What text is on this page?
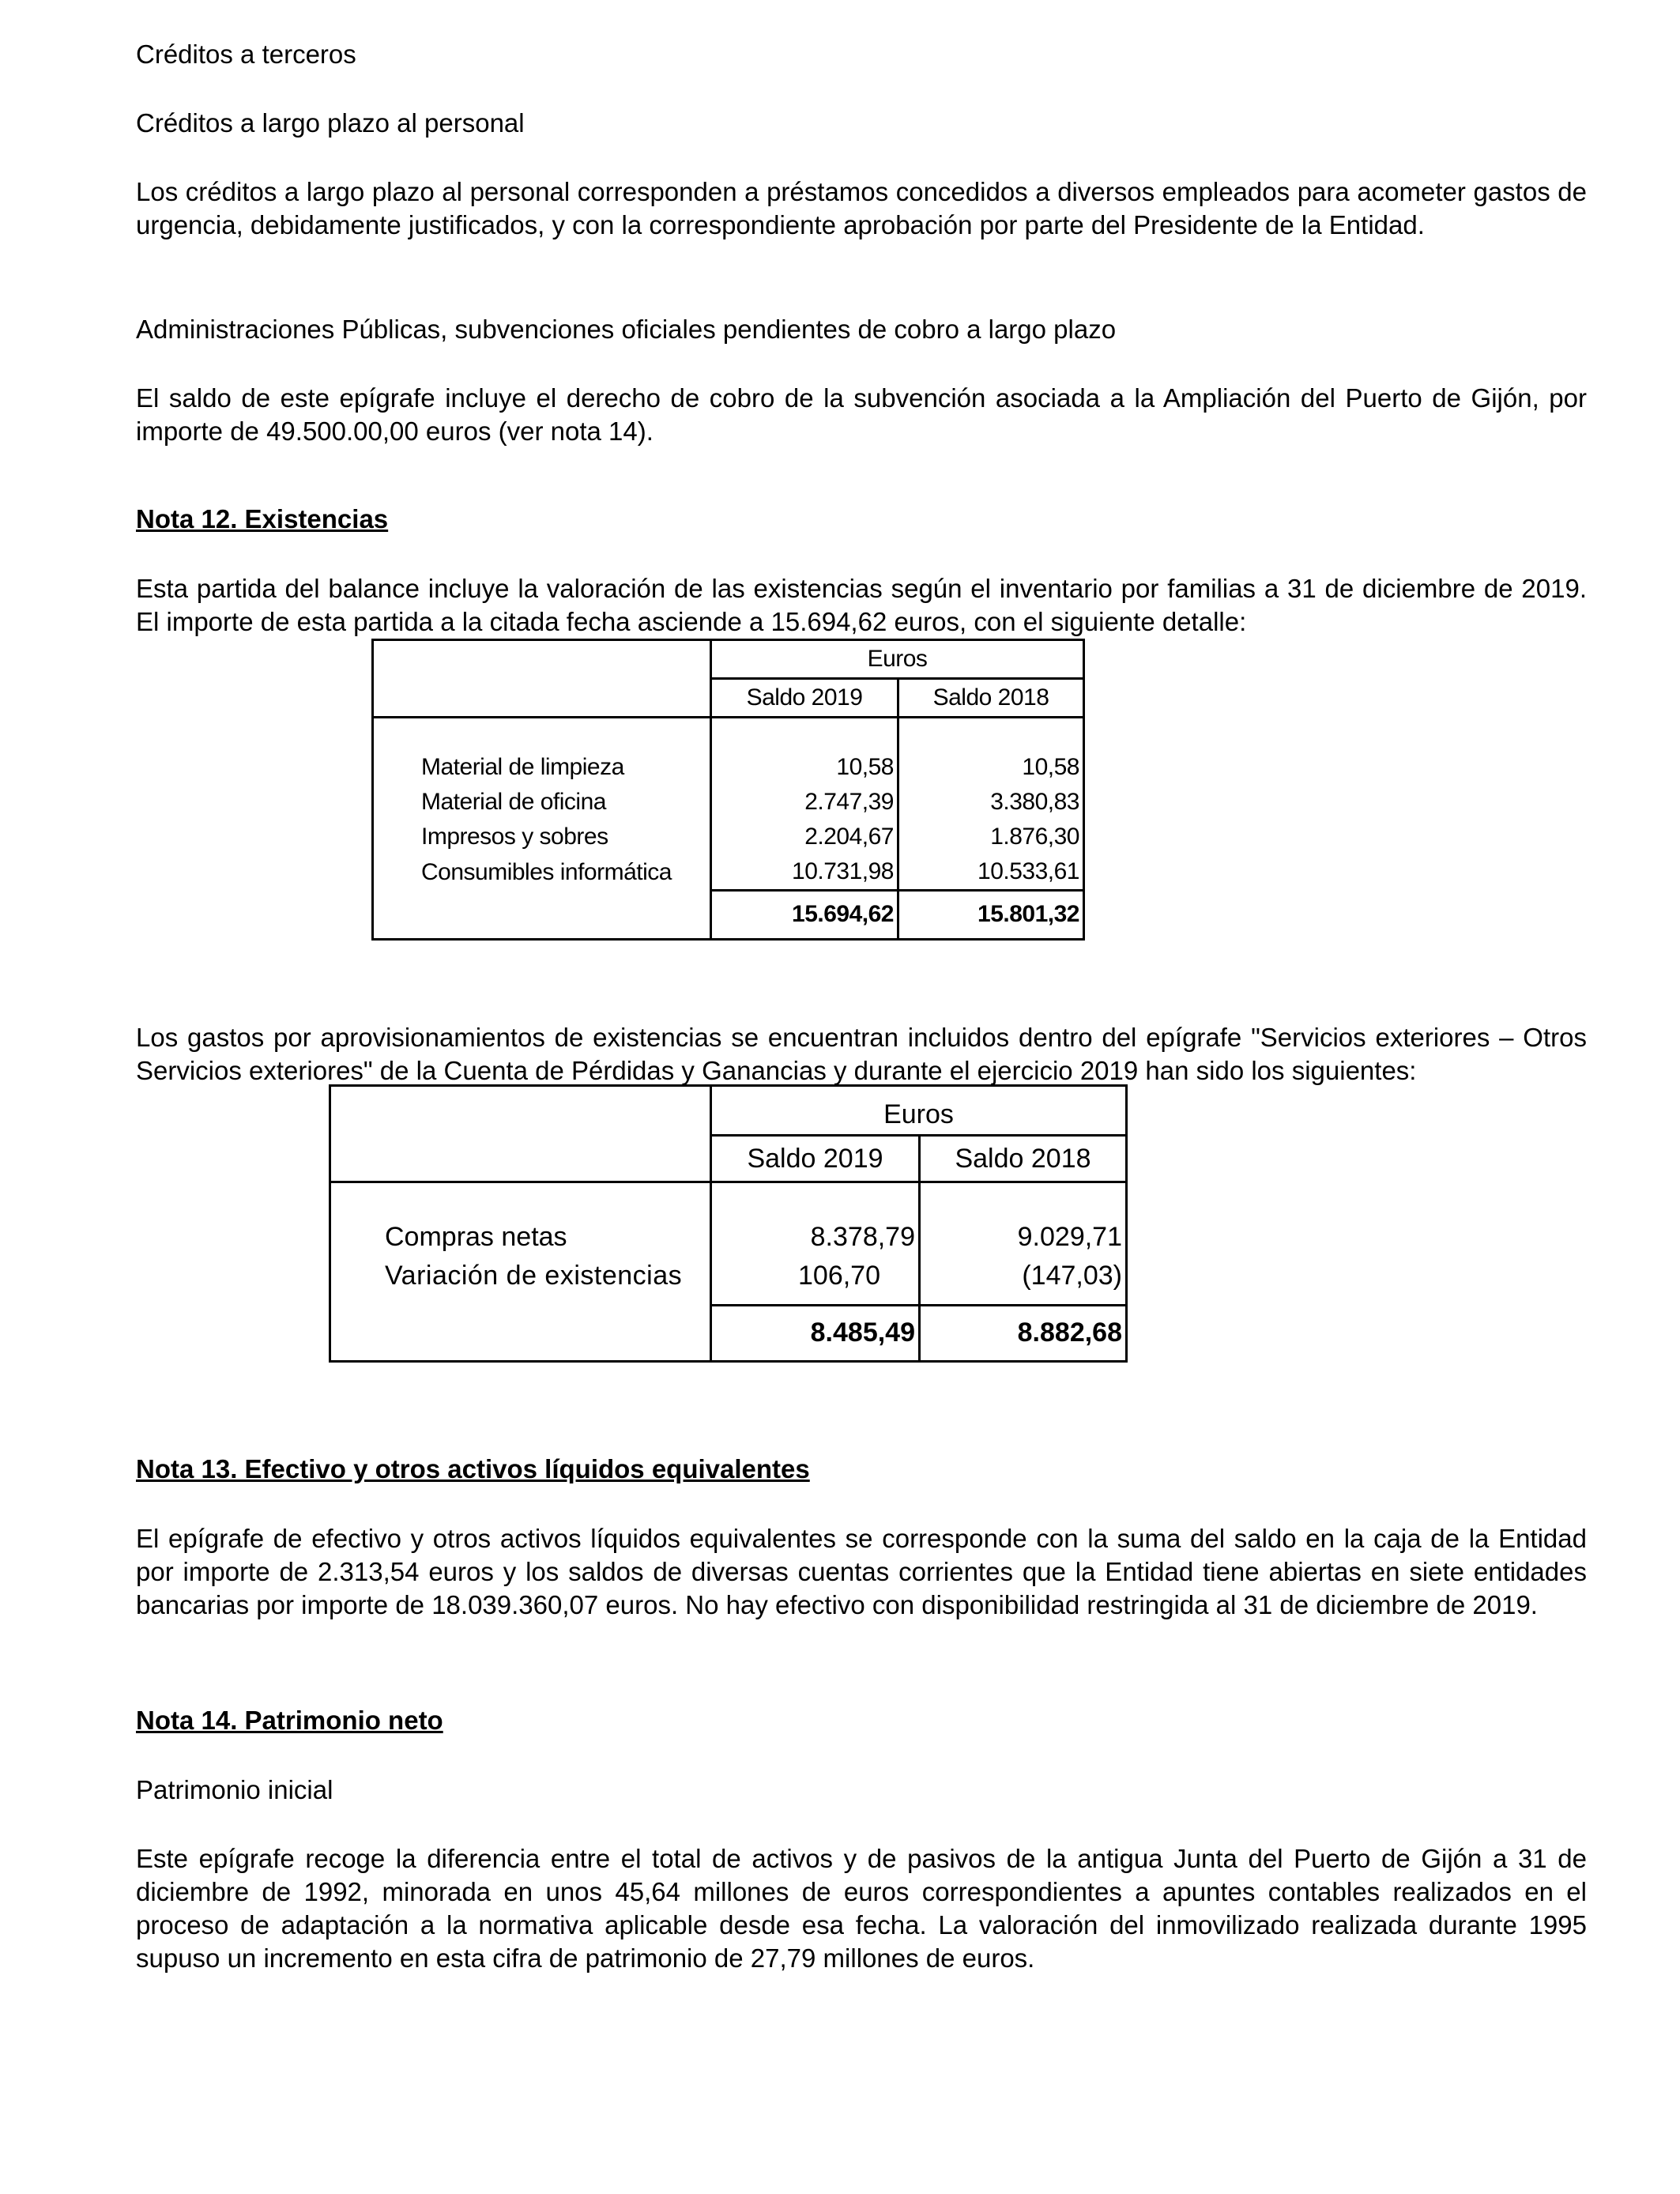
Créditos a terceros

Créditos a largo plazo al personal

Los créditos a largo plazo al personal corresponden a préstamos concedidos a diversos empleados para acometer gastos de urgencia, debidamente justificados, y con la correspondiente aprobación por parte del Presidente de la Entidad.

Administraciones Públicas, subvenciones oficiales pendientes de cobro a largo plazo

El saldo de este epígrafe incluye el derecho de cobro de la subvención asociada a la Ampliación del Puerto de Gijón, por importe de 49.500.00,00 euros (ver nota 14).

Nota 12. Existencias

Esta partida del balance incluye la valoración de las existencias según el inventario por familias a 31 de diciembre de 2019. El importe de esta partida a la citada fecha asciende a 15.694,62 euros, con el siguiente detalle:

Los gastos por aprovisionamientos de existencias se encuentran incluidos dentro del epígrafe "Servicios exteriores – Otros Servicios exteriores" de la Cuenta de Pérdidas y Ganancias y durante el ejercicio 2019 han sido los siguientes:

Nota 13. Efectivo y otros activos líquidos equivalentes

El epígrafe de efectivo y otros activos líquidos equivalentes se corresponde con la suma del saldo en la caja de la Entidad por importe de 2.313,54 euros y los saldos de diversas cuentas corrientes que la Entidad tiene abiertas en siete entidades bancarias por importe de 18.039.360,07 euros. No hay efectivo con disponibilidad restringida al 31 de diciembre de 2019.

Nota 14. Patrimonio neto

Patrimonio inicial

Este epígrafe recoge la diferencia entre el total de activos y de pasivos de la antigua Junta del Puerto de Gijón a 31 de diciembre de 1992, minorada en unos 45,64 millones de euros correspondientes a apuntes contables realizados en el proceso de adaptación a la normativa aplicable desde esa fecha. La valoración del inmovilizado realizada durante 1995 supuso un incremento en esta cifra de patrimonio de 27,79 millones de euros.

	Euros	
	Saldo 2019	Saldo 2018

Material de limpieza	10,58	10,58
Material de oficina	2.747,39	3.380,83
Impresos y sobres	2.204,67	1.876,30
Consumibles informática	10.731,98	10.533,61
	15.694,62	15.801,32
	Euros	
	Saldo 2019	Saldo 2018

Compras netas	8.378,79	9.029,71
Variación de existencias	106,70	(147,03)

	8.485,49	8.882,68
